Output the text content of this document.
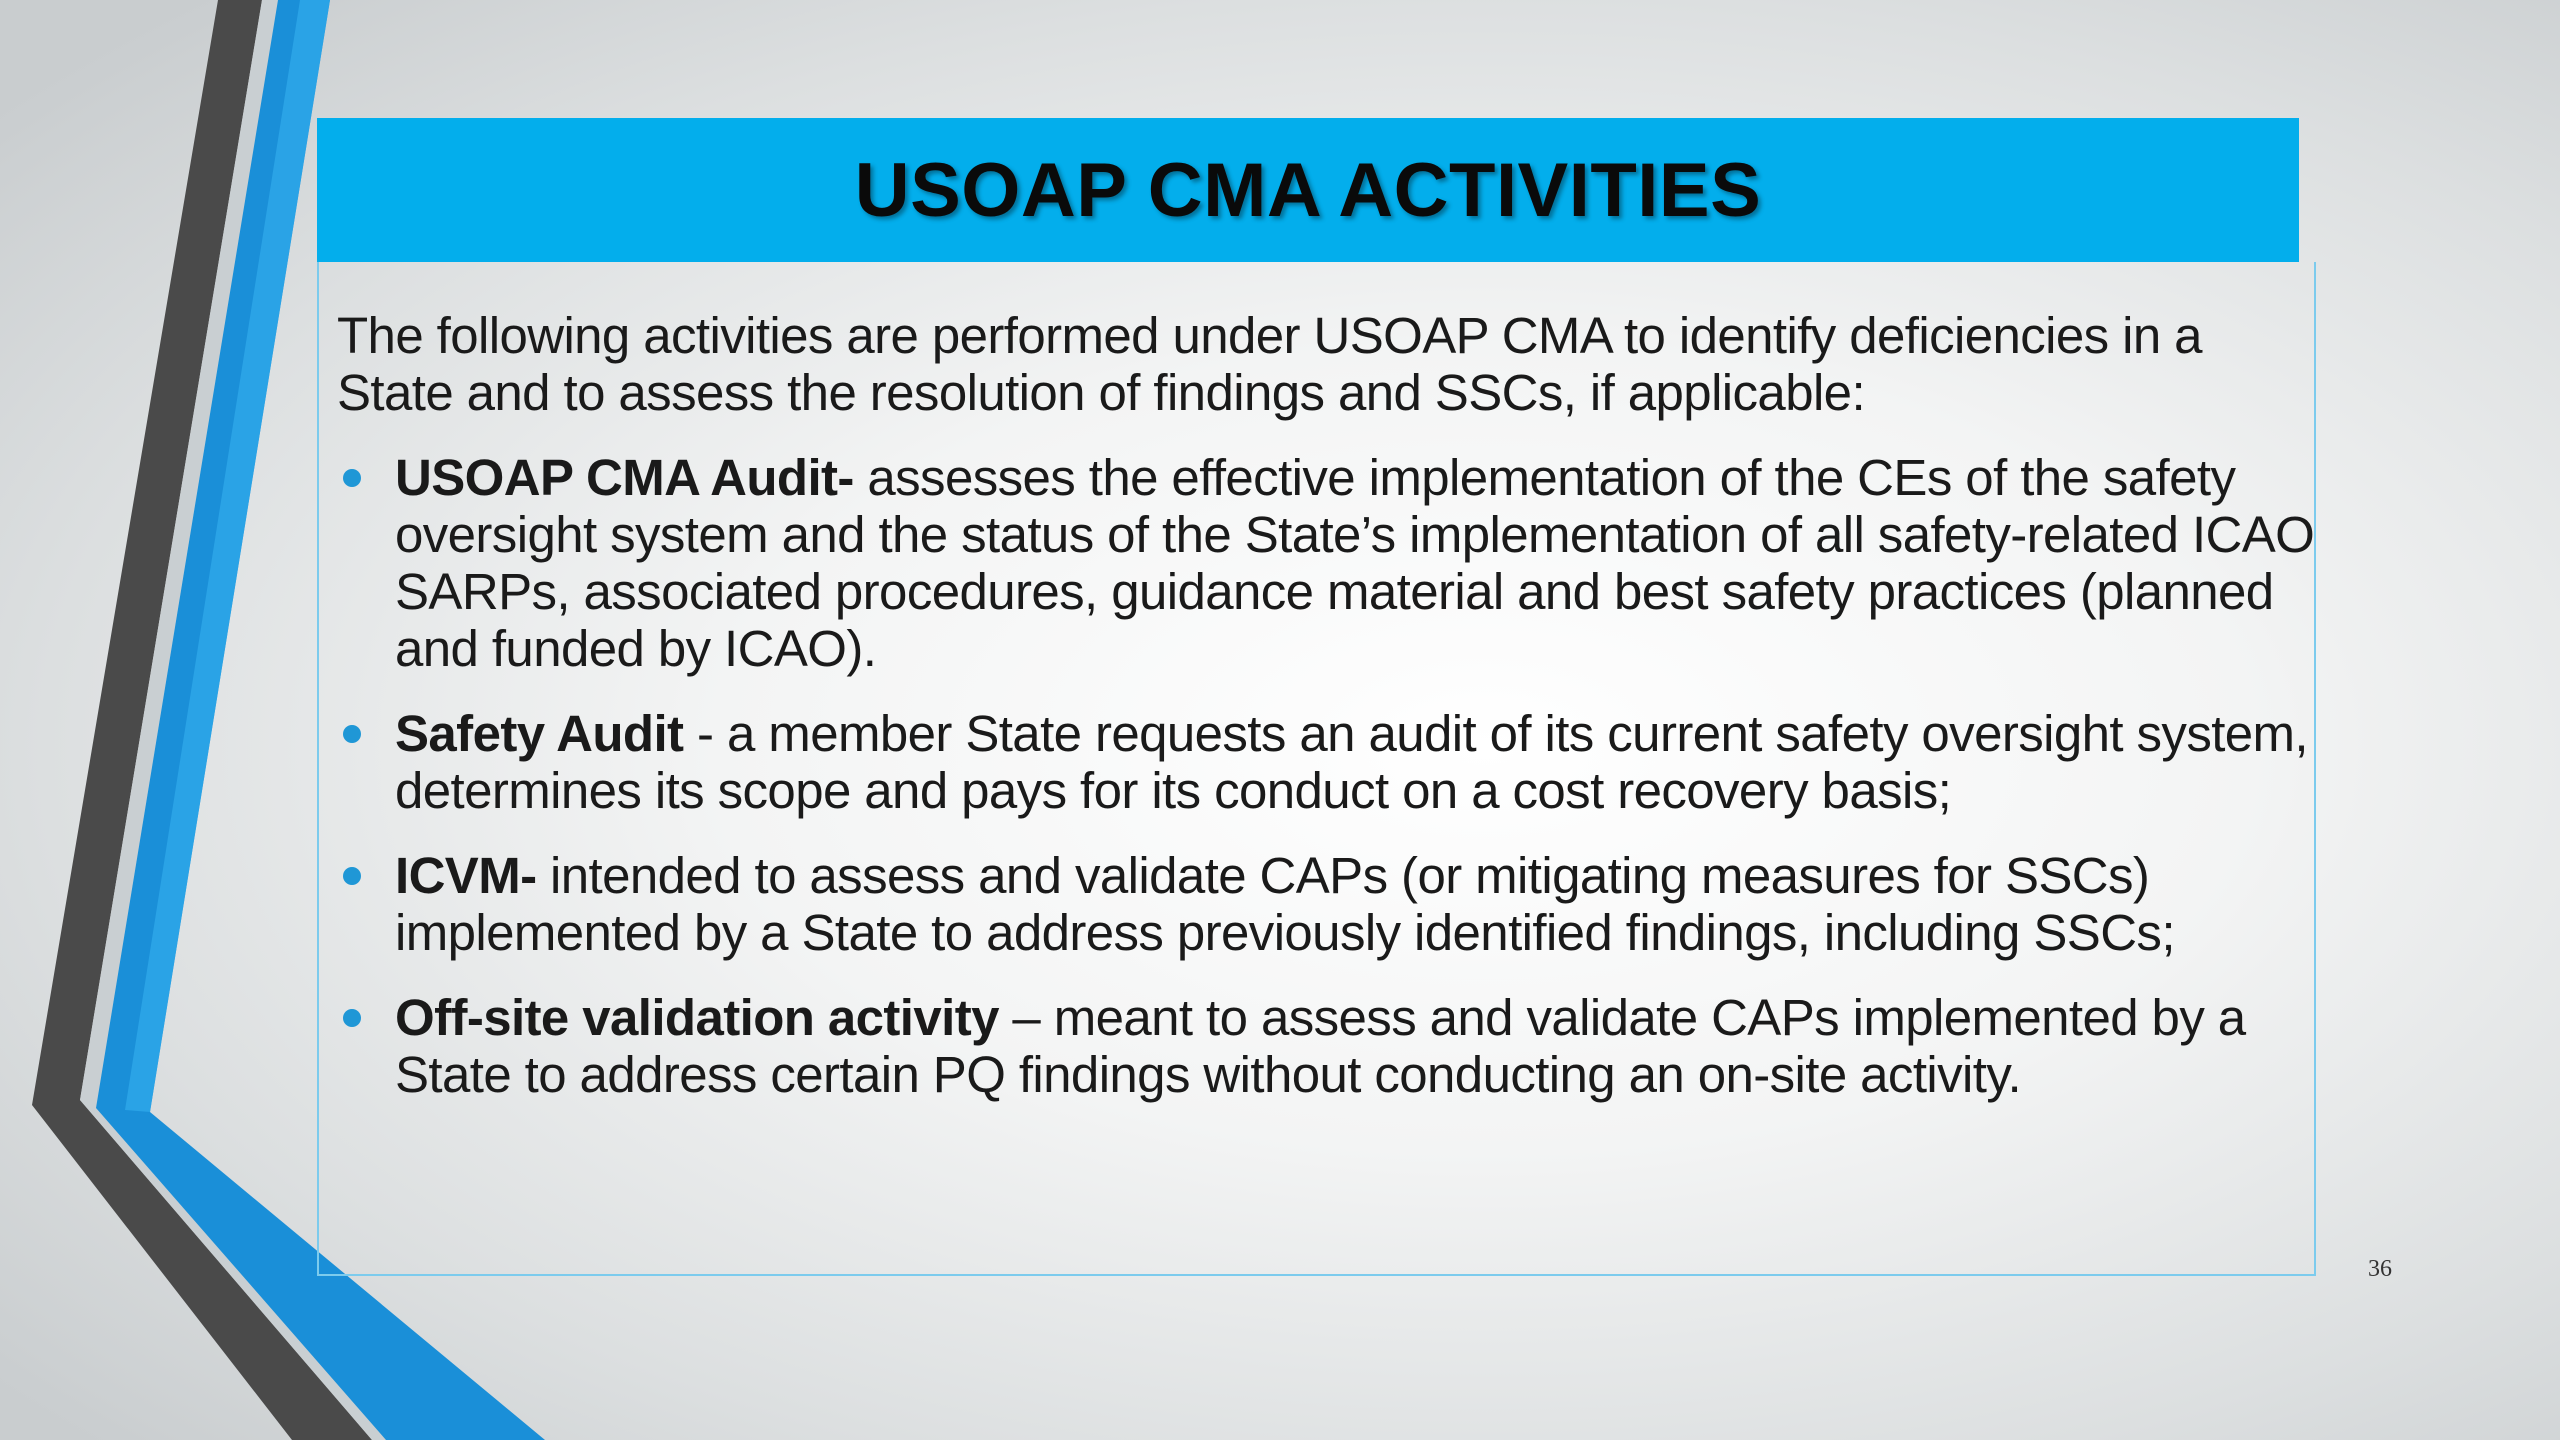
USOAP CMA ACTIVITIES

The following activities are performed under USOAP CMA to identify deficiencies in a State and to assess the resolution of findings and SSCs, if applicable:

USOAP CMA Audit- assesses the effective implementation of the CEs of the safety oversight system and the status of the State’s implementation of all safety-related ICAO SARPs, associated procedures, guidance material and best safety practices (planned and funded by ICAO).
Safety Audit - a member State requests an audit of its current safety oversight system, determines its scope and pays for its conduct on a cost recovery basis;
ICVM- intended to assess and validate CAPs (or mitigating measures for SSCs) implemented by a State to address previously identified findings, including SSCs;
Off-site validation activity – meant to assess and validate CAPs implemented by a State to address certain PQ findings without conducting an on-site activity.
36
